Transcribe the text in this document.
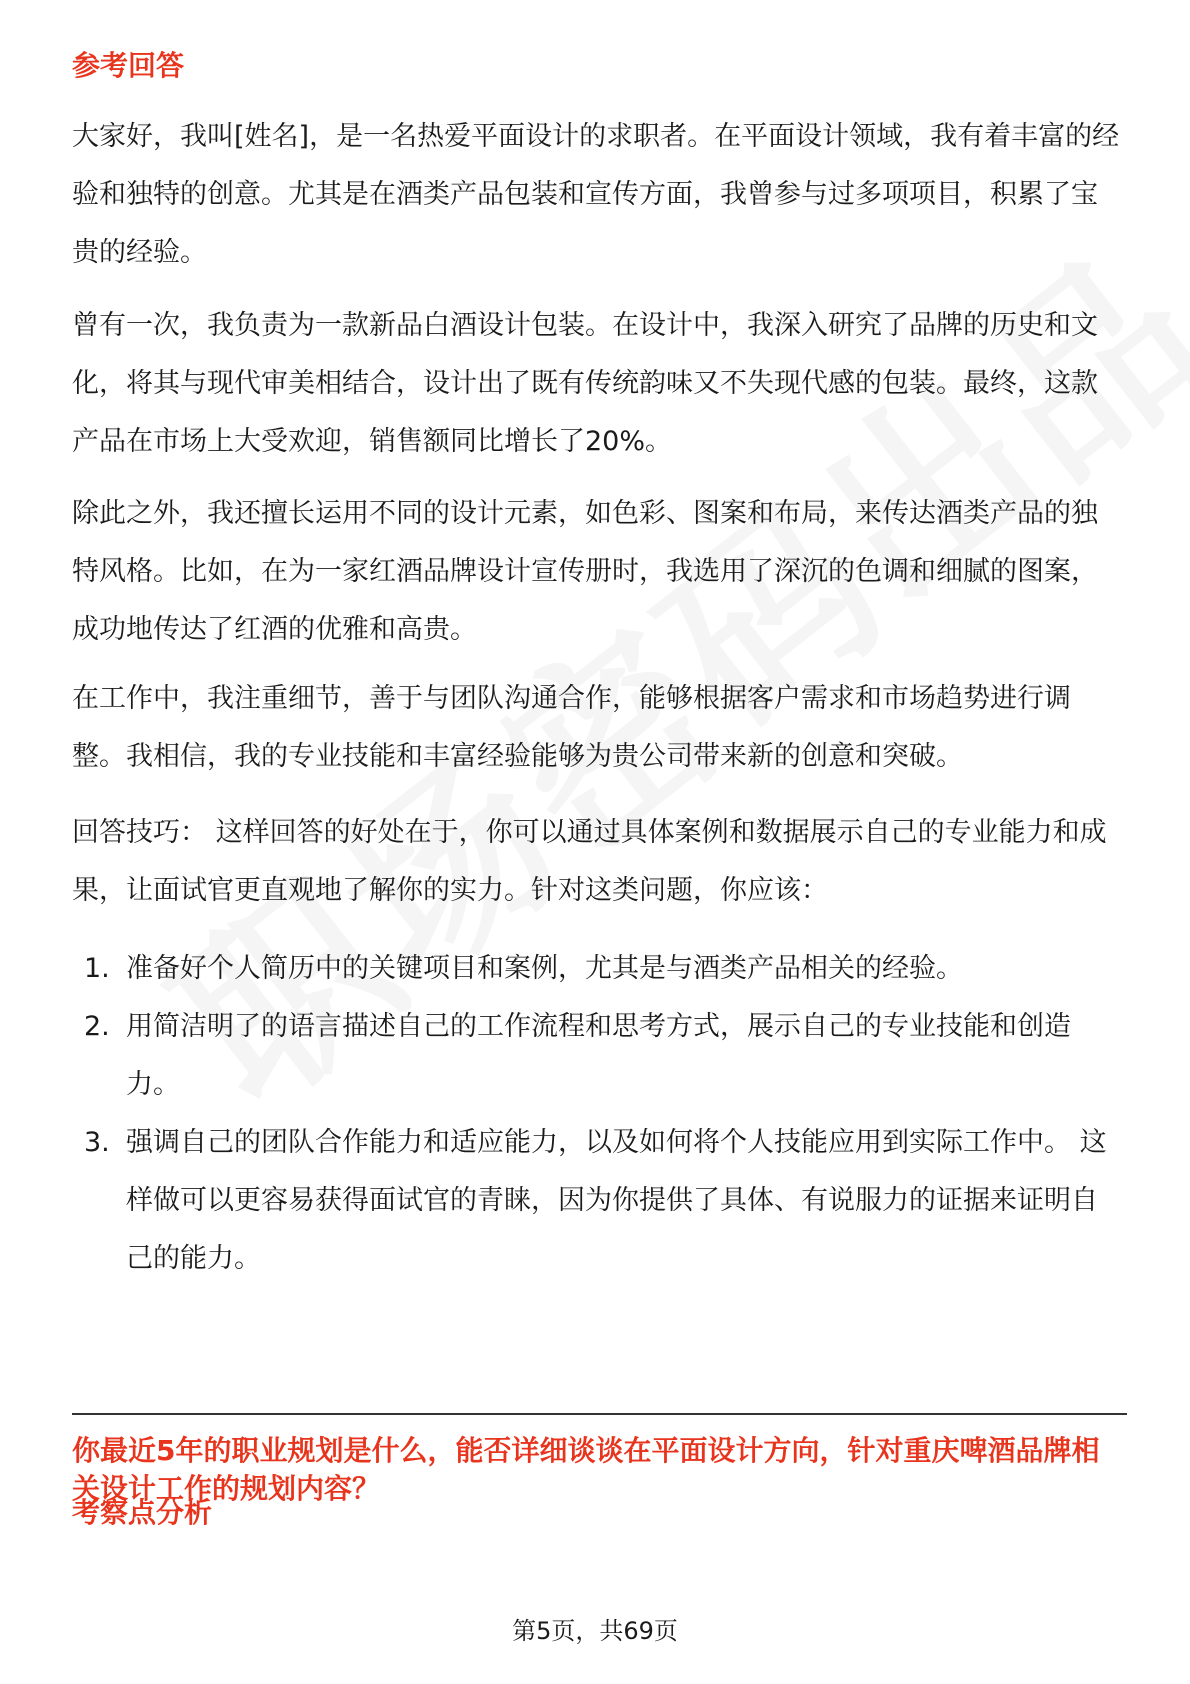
参考回答

大家好，我叫[姓名]，是一名热爱平面设计的求职者。在平面设计领域，我有着丰富的经验和独特的创意。尤其是在酒类产品包装和宣传方面，我曾参与过多项项目，积累了宝贵的经验。

曾有一次，我负责为一款新品白酒设计包装。在设计中，我深入研究了品牌的历史和文化，将其与现代审美相结合，设计出了既有传统韵味又不失现代感的包装。最终，这款产品在市场上大受欢迎，销售额同比增长了20%。

除此之外，我还擅长运用不同的设计元素，如色彩、图案和布局，来传达酒类产品的独特风格。比如，在为一家红酒品牌设计宣传册时，我选用了深沉的色调和细腻的图案，成功地传达了红酒的优雅和高贵。

在工作中，我注重细节，善于与团队沟通合作，能够根据客户需求和市场趋势进行调整。我相信，我的专业技能和丰富经验能够为贵公司带来新的创意和突破。

回答技巧： 这样回答的好处在于，你可以通过具体案例和数据展示自己的专业能力和成果，让面试官更直观地了解你的实力。针对这类问题，你应该：

1. 准备好个人简历中的关键项目和案例，尤其是与酒类产品相关的经验。
2. 用简洁明了的语言描述自己的工作流程和思考方式，展示自己的专业技能和创造力。
3. 强调自己的团队合作能力和适应能力，以及如何将个人技能应用到实际工作中。 这样做可以更容易获得面试官的青睐，因为你提供了具体、有说服力的证据来证明自己的能力。
你最近5年的职业规划是什么，能否详细谈谈在平面设计方向，针对重庆啤酒品牌相关设计工作的规划内容？
考察点分析
第5页，共69页
